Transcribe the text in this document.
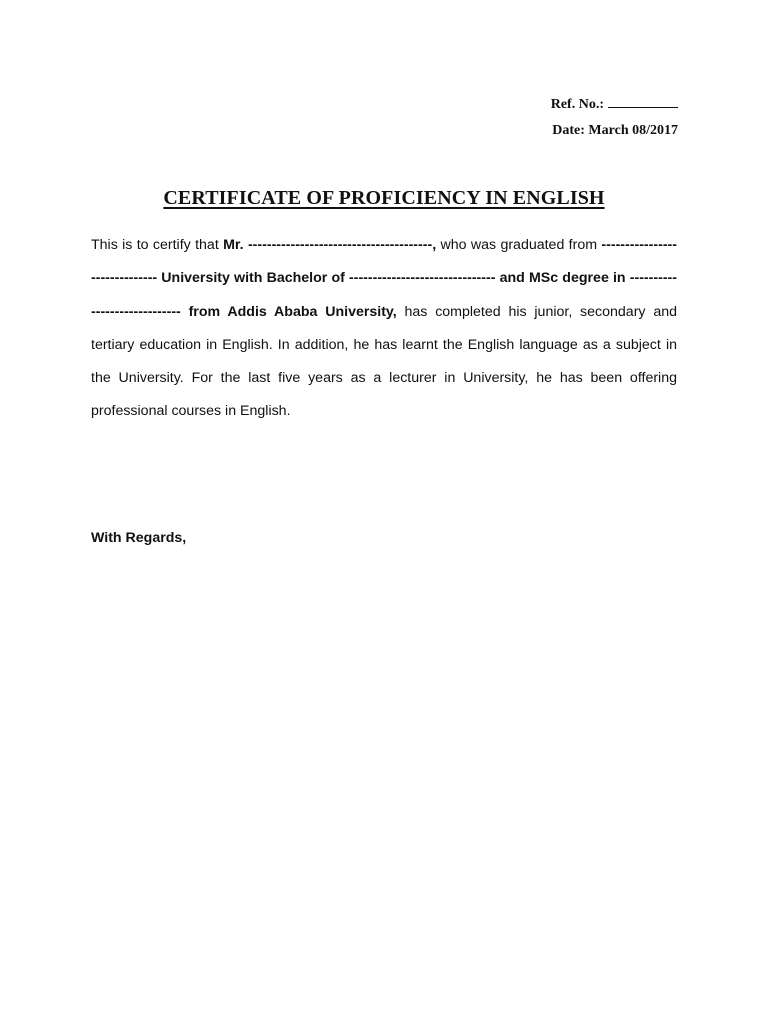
Ref. No.:
Date: March 08/2017
CERTIFICATE OF PROFICIENCY IN ENGLISH

This is to certify that Mr. ---------------------------------------, who was graduated from ------------------------------ University with Bachelor of ------------------------------- and MSc degree in ----------------------------- from Addis Ababa University, has completed his junior, secondary and tertiary education in English. In addition, he has learnt the English language as a subject in the University. For the last five years as a lecturer in University, he has been offering professional courses in English.

With Regards,
